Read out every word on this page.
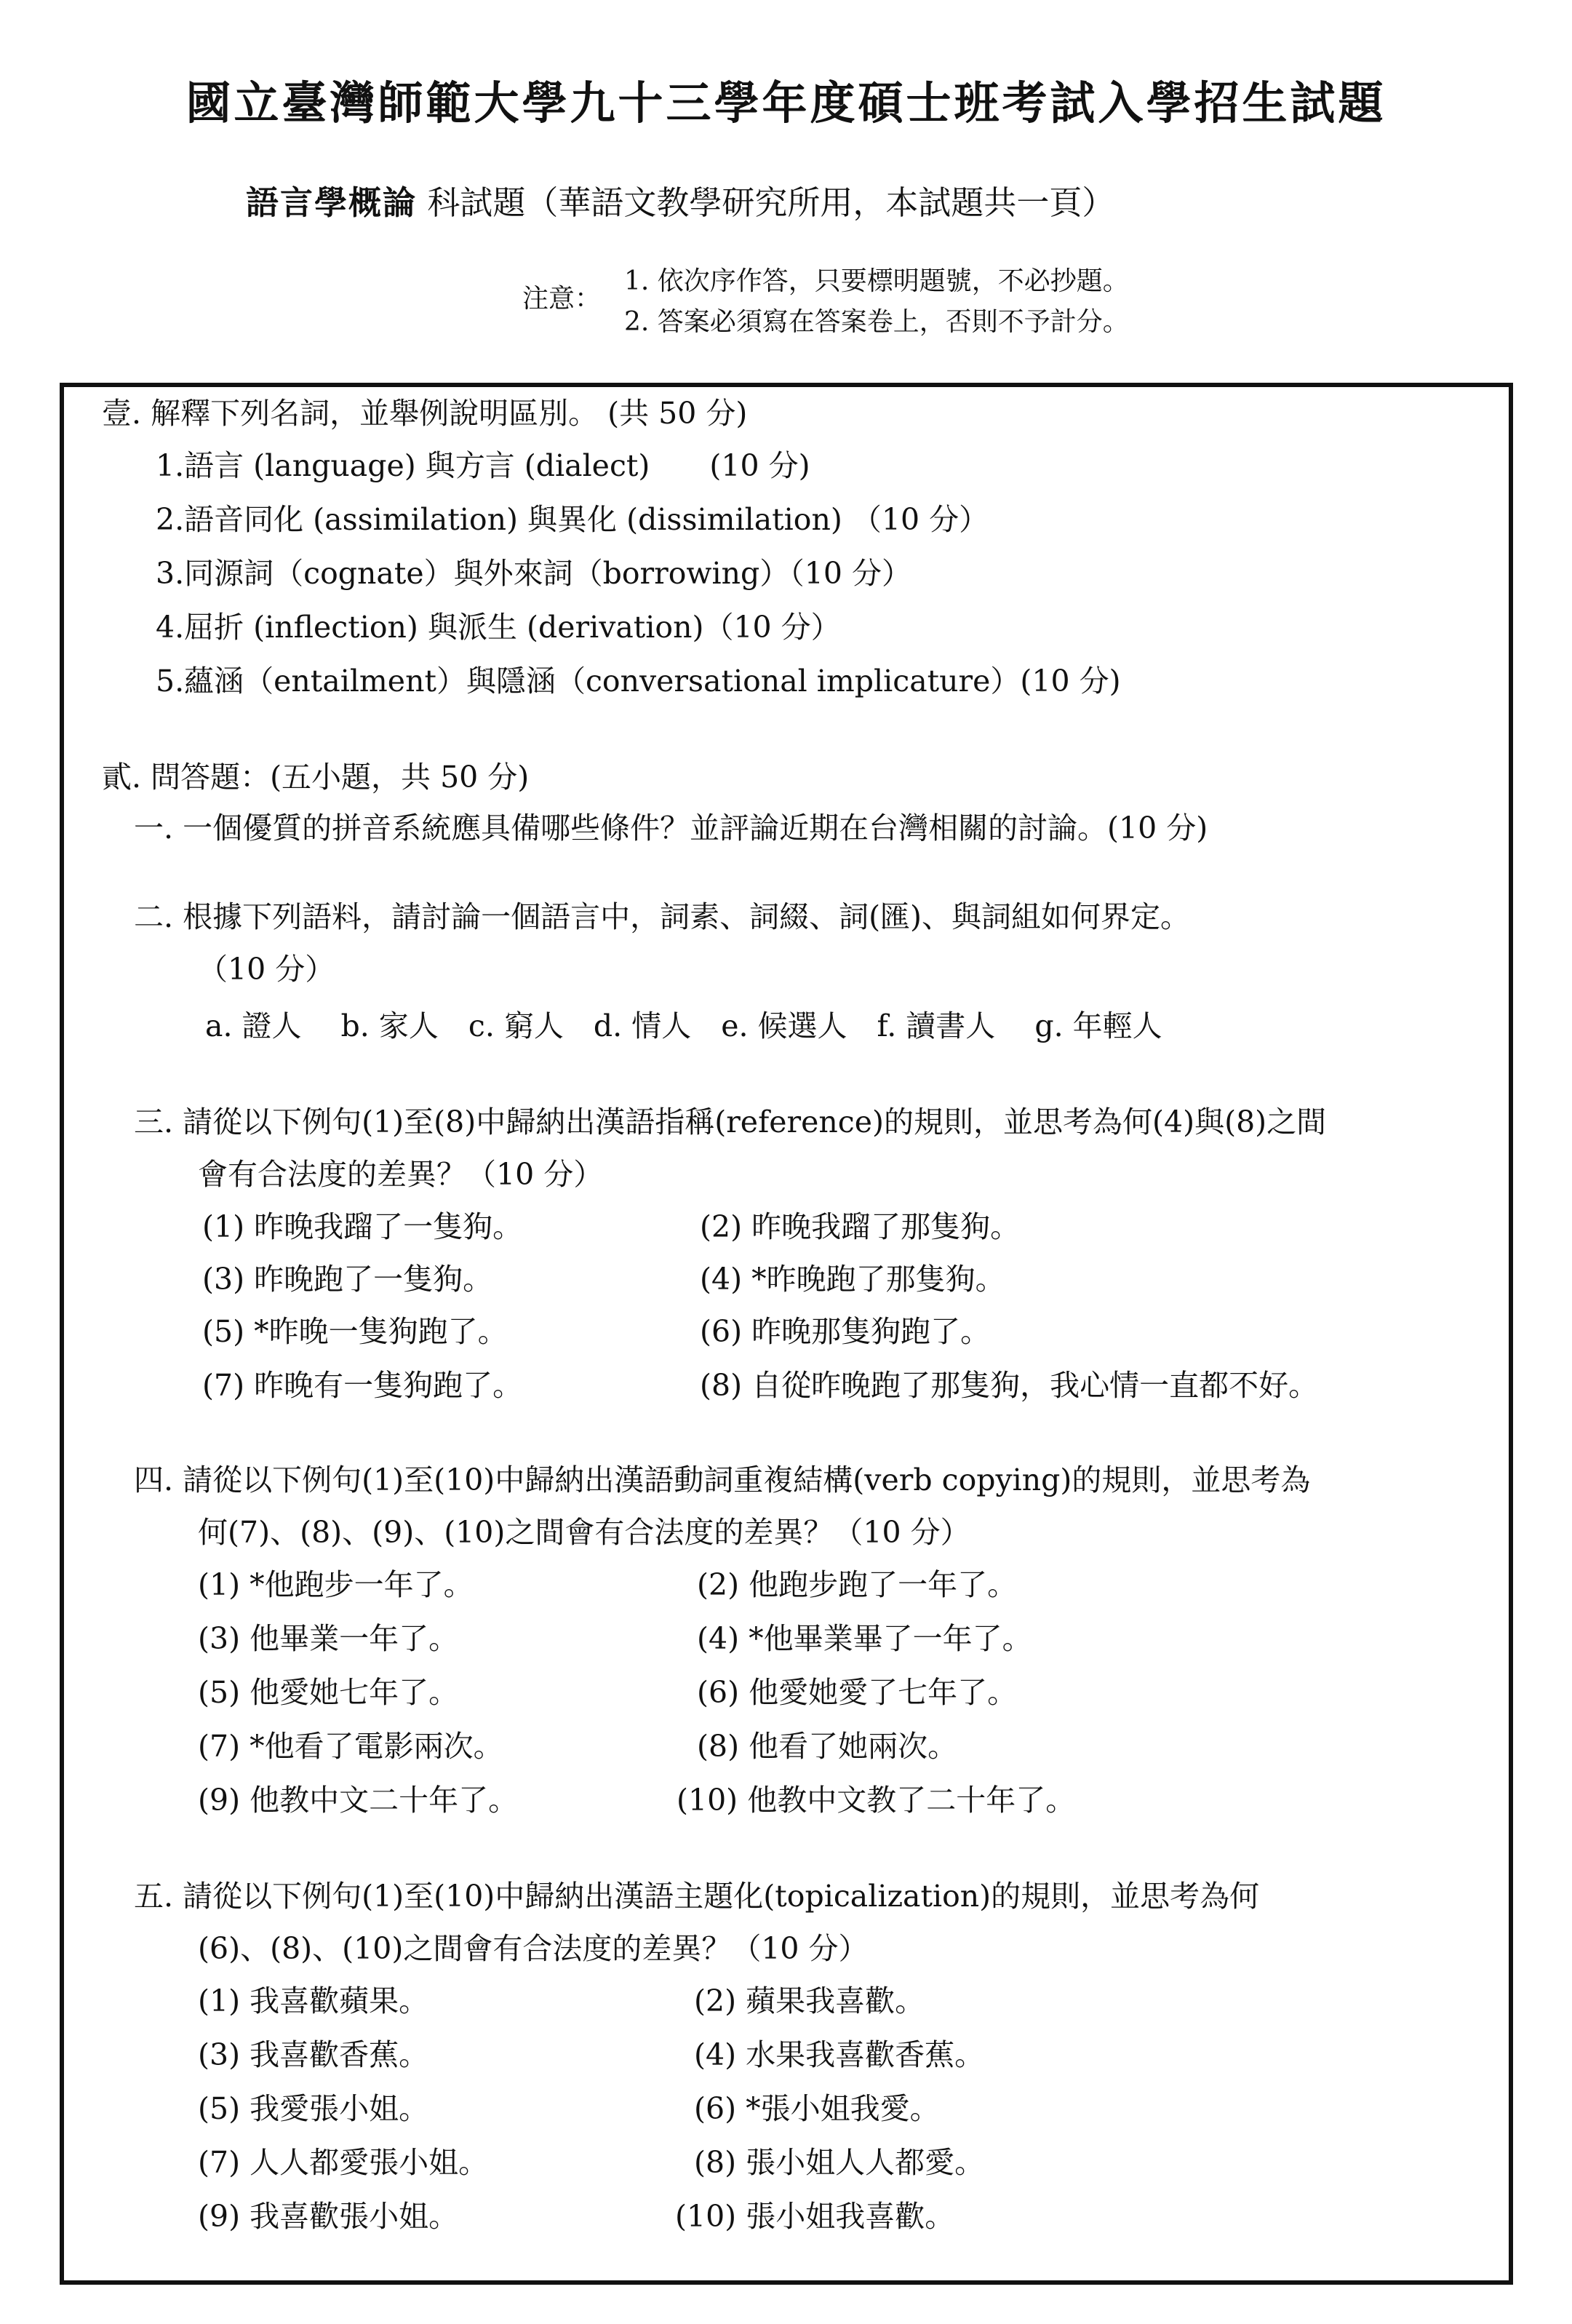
國立臺灣師範大學九十三學年度碩士班考試入學招生試題
語言學概論 科試題（華語文教學研究所用，本試題共一頁）
注意：
1. 依次序作答，只要標明題號，不必抄題。
2. 答案必須寫在答案卷上，否則不予計分。
壹. 解釋下列名詞，並舉例說明區別。 (共 50 分)
1.語言 (language) 與方言 (dialect)　　(10 分)
2.語音同化 (assimilation) 與異化 (dissimilation) （10 分）
3.同源詞（cognate）與外來詞（borrowing）（10 分）
4.屈折 (inflection) 與派生 (derivation)（10 分）
5.蘊涵（entailment）與隱涵（conversational implicature）(10 分)
貳. 問答題：(五小題，共 50 分)
一. 一個優質的拼音系統應具備哪些條件？並評論近期在台灣相關的討論。(10 分)
二. 根據下列語料，請討論一個語言中，詞素、詞綴、詞(匯)、與詞組如何界定。
（10 分）
a. 證人　 b. 家人　c. 窮人　d. 情人　e. 候選人　f. 讀書人　 g. 年輕人
三. 請從以下例句(1)至(8)中歸納出漢語指稱(reference)的規則，並思考為何(4)與(8)之間
會有合法度的差異？（10 分）
(1) 昨晚我蹓了一隻狗。	(2) 昨晚我蹓了那隻狗。
(3) 昨晚跑了一隻狗。	(4) *昨晚跑了那隻狗。
(5) *昨晚一隻狗跑了。	(6) 昨晚那隻狗跑了。
(7) 昨晚有一隻狗跑了。	(8) 自從昨晚跑了那隻狗，我心情一直都不好。
四. 請從以下例句(1)至(10)中歸納出漢語動詞重複結構(verb copying)的規則，並思考為
何(7)、(8)、(9)、(10)之間會有合法度的差異？（10 分）
(1) *他跑步一年了。	(2) 他跑步跑了一年了。
(3) 他畢業一年了。	(4) *他畢業畢了一年了。
(5) 他愛她七年了。	(6) 他愛她愛了七年了。
(7) *他看了電影兩次。	(8) 他看了她兩次。
(9) 他教中文二十年了。	(10) 他教中文教了二十年了。
五. 請從以下例句(1)至(10)中歸納出漢語主題化(topicalization)的規則，並思考為何
(6)、(8)、(10)之間會有合法度的差異？（10 分）
(1) 我喜歡蘋果。	(2) 蘋果我喜歡。
(3) 我喜歡香蕉。	(4) 水果我喜歡香蕉。
(5) 我愛張小姐。	(6) *張小姐我愛。
(7) 人人都愛張小姐。	(8) 張小姐人人都愛。
(9) 我喜歡張小姐。	(10) 張小姐我喜歡。
